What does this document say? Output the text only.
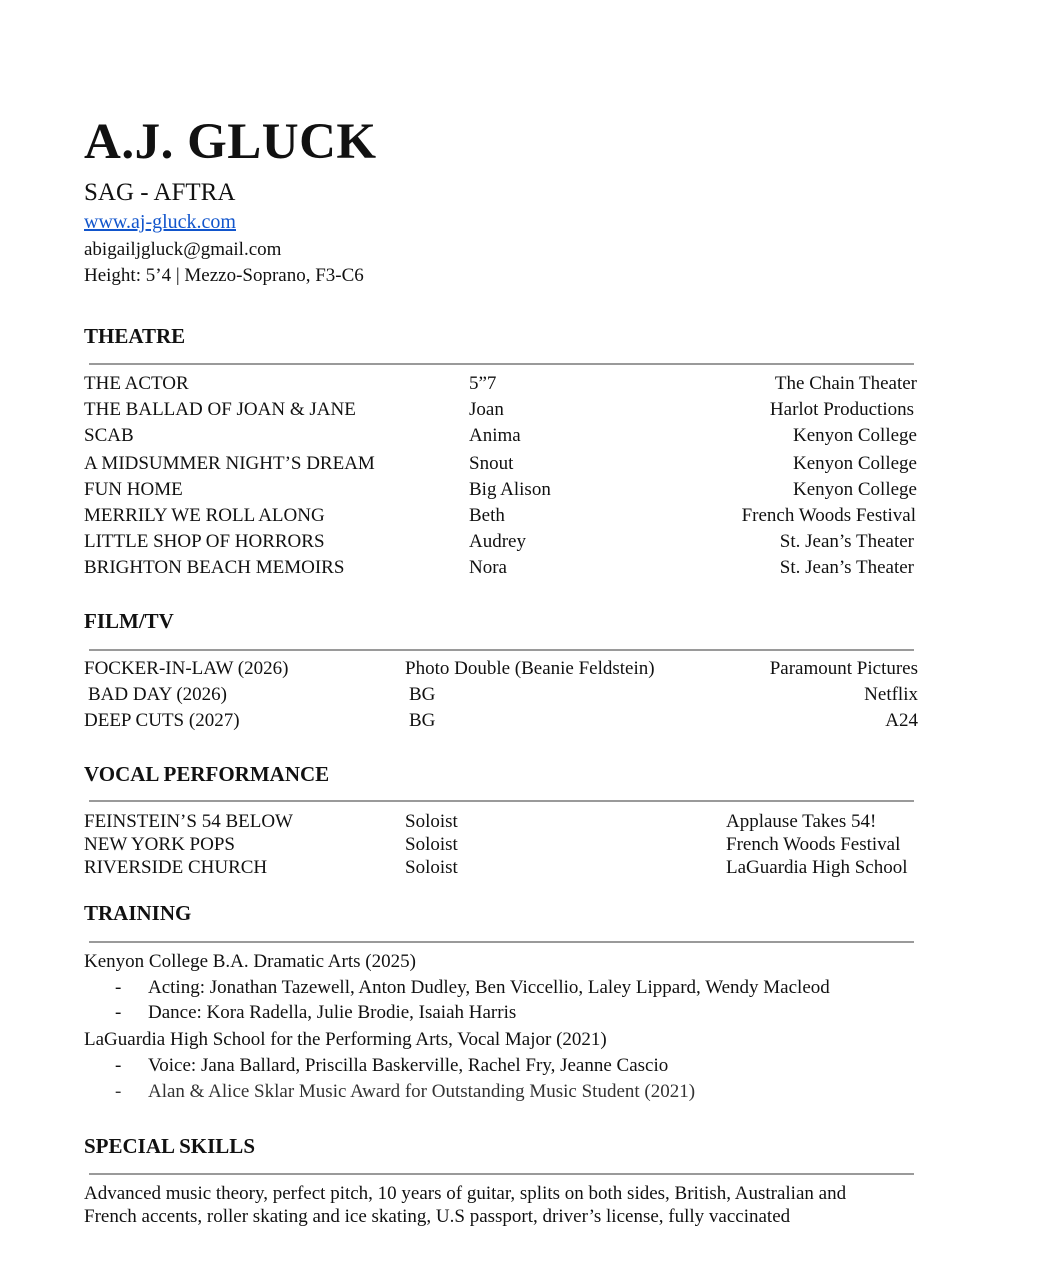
A.J. GLUCK
SAG - AFTRA
www.aj-gluck.com
abigailjgluck@gmail.com
Height: 5’4 | Mezzo-Soprano, F3-C6
THEATRE
THE ACTOR	5”7	The Chain Theater
THE BALLAD OF JOAN & JANE	Joan	Harlot Productions
SCAB	Anima	Kenyon College
A MIDSUMMER NIGHT’S DREAM	Snout	Kenyon College
FUN HOME	Big Alison	Kenyon College
MERRILY WE ROLL ALONG	Beth	French Woods Festival
LITTLE SHOP OF HORRORS	Audrey	St. Jean’s Theater
BRIGHTON BEACH MEMOIRS	Nora	St. Jean’s Theater
FILM/TV
FOCKER-IN-LAW (2026)	Photo Double (Beanie Feldstein)	Paramount Pictures
BAD DAY (2026)	BG	Netflix
DEEP CUTS (2027)	BG	A24
VOCAL PERFORMANCE
FEINSTEIN’S 54 BELOW	Soloist	Applause Takes 54!
NEW YORK POPS	Soloist	French Woods Festival
RIVERSIDE CHURCH	Soloist	LaGuardia High School
TRAINING
Kenyon College B.A. Dramatic Arts (2025)
- Acting: Jonathan Tazewell, Anton Dudley, Ben Viccellio, Laley Lippard, Wendy Macleod
- Dance: Kora Radella, Julie Brodie, Isaiah Harris
LaGuardia High School for the Performing Arts, Vocal Major (2021)
- Voice: Jana Ballard, Priscilla Baskerville, Rachel Fry, Jeanne Cascio
- Alan & Alice Sklar Music Award for Outstanding Music Student (2021)
SPECIAL SKILLS
Advanced music theory, perfect pitch, 10 years of guitar, splits on both sides, British, Australian and
French accents, roller skating and ice skating, U.S passport, driver’s license, fully vaccinated
